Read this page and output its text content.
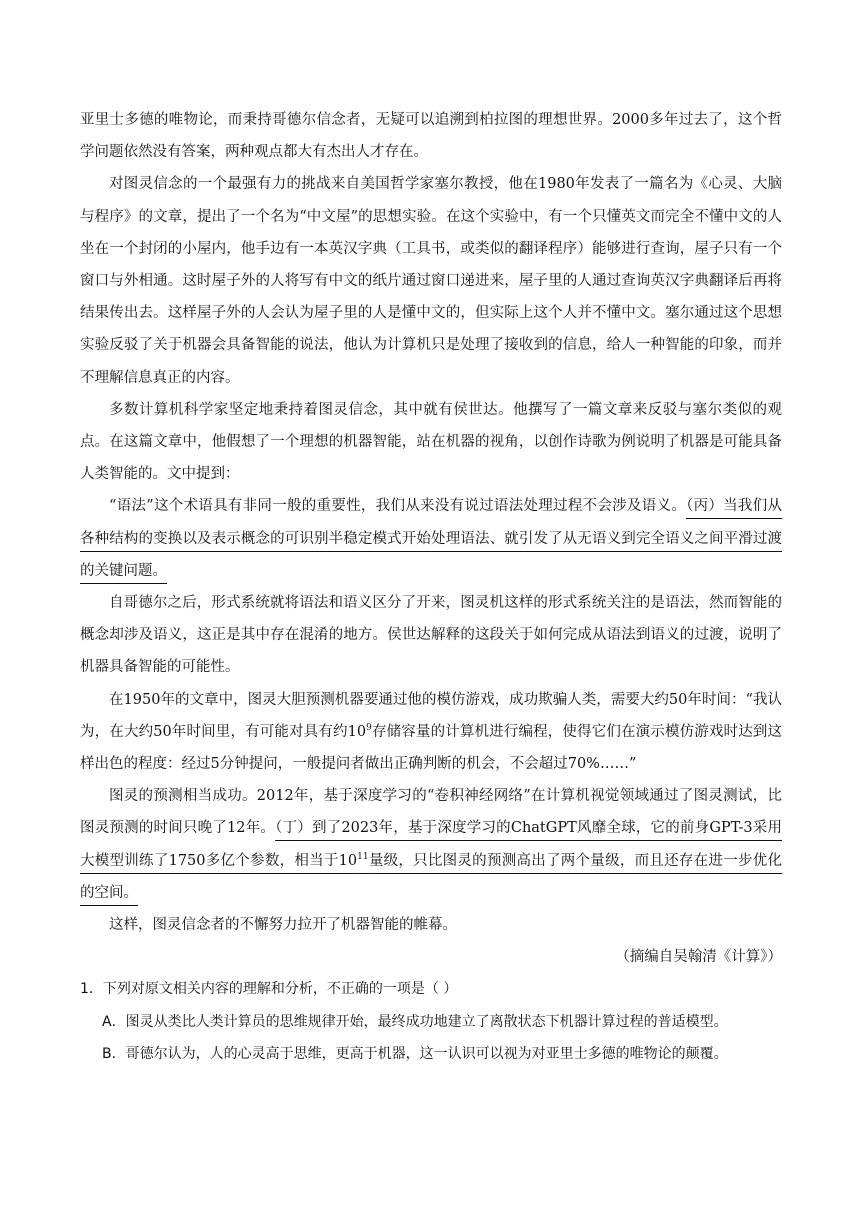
亚里士多德的唯物论，而秉持哥德尔信念者，无疑可以追溯到柏拉图的理想世界。2000多年过去了，这个哲学问题依然没有答案，两种观点都大有杰出人才存在。

对图灵信念的一个最强有力的挑战来自美国哲学家塞尔教授，他在1980年发表了一篇名为《心灵、大脑与程序》的文章，提出了一个名为“中文屋”的思想实验。在这个实验中，有一个只懂英文而完全不懂中文的人坐在一个封闭的小屋内，他手边有一本英汉字典（工具书，或类似的翻译程序）能够进行查询，屋子只有一个窗口与外相通。这时屋子外的人将写有中文的纸片通过窗口递进来，屋子里的人通过查询英汉字典翻译后再将结果传出去。这样屋子外的人会认为屋子里的人是懂中文的，但实际上这个人并不懂中文。塞尔通过这个思想实验反驳了关于机器会具备智能的说法，他认为计算机只是处理了接收到的信息，给人一种智能的印象，而并不理解信息真正的内容。

多数计算机科学家坚定地秉持着图灵信念，其中就有侯世达。他撰写了一篇文章来反驳与塞尔类似的观点。在这篇文章中，他假想了一个理想的机器智能，站在机器的视角，以创作诗歌为例说明了机器是可能具备人类智能的。文中提到：

“语法”这个术语具有非同一般的重要性，我们从来没有说过语法处理过程不会涉及语义。（丙）当我们从各种结构的变换以及表示概念的可识别半稳定模式开始处理语法、就引发了从无语义到完全语义之间平滑过渡的关键问题。

自哥德尔之后，形式系统就将语法和语义区分了开来，图灵机这样的形式系统关注的是语法，然而智能的概念却涉及语义，这正是其中存在混淆的地方。侯世达解释的这段关于如何完成从语法到语义的过渡，说明了机器具备智能的可能性。

在1950年的文章中，图灵大胆预测机器要通过他的模仿游戏，成功欺骗人类，需要大约50年时间：“我认为，在大约50年时间里，有可能对具有约$10^9$存储容量的计算机进行编程，使得它们在演示模仿游戏时达到这样出色的程度：经过5分钟提问，一般提问者做出正确判断的机会，不会超过70%……”

图灵的预测相当成功。2012年，基于深度学习的“卷积神经网络”在计算机视觉领域通过了图灵测试，比图灵预测的时间只晚了12年。（丁）到了2023年，基于深度学习的ChatGPT风靡全球，它的前身GPT-3采用大模型训练了1750多亿个参数，相当于$10^{11}$量级，只比图灵的预测高出了两个量级，而且还存在进一步优化的空间。

这样，图灵信念者的不懈努力拉开了机器智能的帷幕。

（摘编自吴翰清《计算》）

1．下列对原文相关内容的理解和分析，不正确的一项是（ ）

A．图灵从类比人类计算员的思维规律开始，最终成功地建立了离散状态下机器计算过程的普适模型。

B．哥德尔认为，人的心灵高于思维，更高于机器，这一认识可以视为对亚里士多德的唯物论的颠覆。
